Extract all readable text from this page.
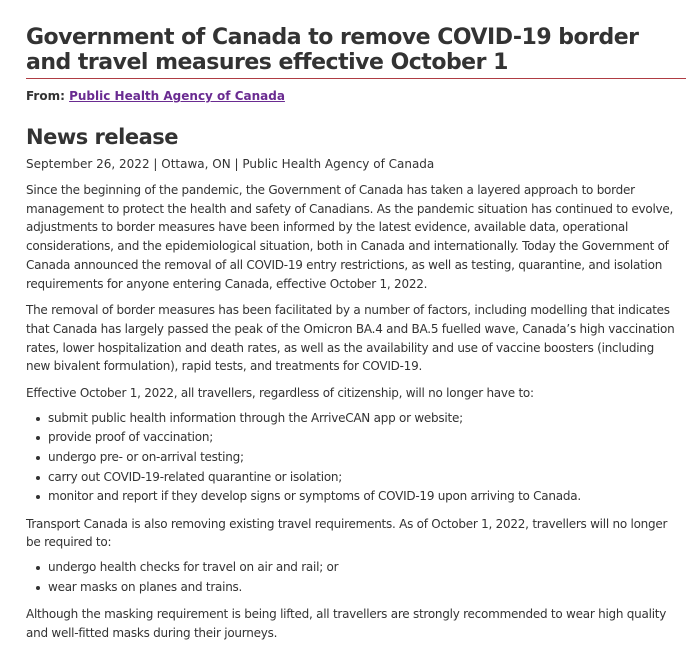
Government of Canada to remove COVID-19 border and travel measures effective October 1
From: Public Health Agency of Canada
News release
September 26, 2022 | Ottawa, ON | Public Health Agency of Canada

Since the beginning of the pandemic, the Government of Canada has taken a layered approach to border management to protect the health and safety of Canadians. As the pandemic situation has continued to evolve, adjustments to border measures have been informed by the latest evidence, available data, operational considerations, and the epidemiological situation, both in Canada and internationally. Today the Government of Canada announced the removal of all COVID-19 entry restrictions, as well as testing, quarantine, and isolation requirements for anyone entering Canada, effective October 1, 2022.

The removal of border measures has been facilitated by a number of factors, including modelling that indicates that Canada has largely passed the peak of the Omicron BA.4 and BA.5 fuelled wave, Canada’s high vaccination rates, lower hospitalization and death rates, as well as the availability and use of vaccine boosters (including new bivalent formulation), rapid tests, and treatments for COVID-19.

Effective October 1, 2022, all travellers, regardless of citizenship, will no longer have to:

submit public health information through the ArriveCAN app or website;
provide proof of vaccination;
undergo pre- or on-arrival testing;
carry out COVID-19-related quarantine or isolation;
monitor and report if they develop signs or symptoms of COVID-19 upon arriving to Canada.

Transport Canada is also removing existing travel requirements. As of October 1, 2022, travellers will no longer be required to:

undergo health checks for travel on air and rail; or
wear masks on planes and trains.

Although the masking requirement is being lifted, all travellers are strongly recommended to wear high quality and well-fitted masks during their journeys.
